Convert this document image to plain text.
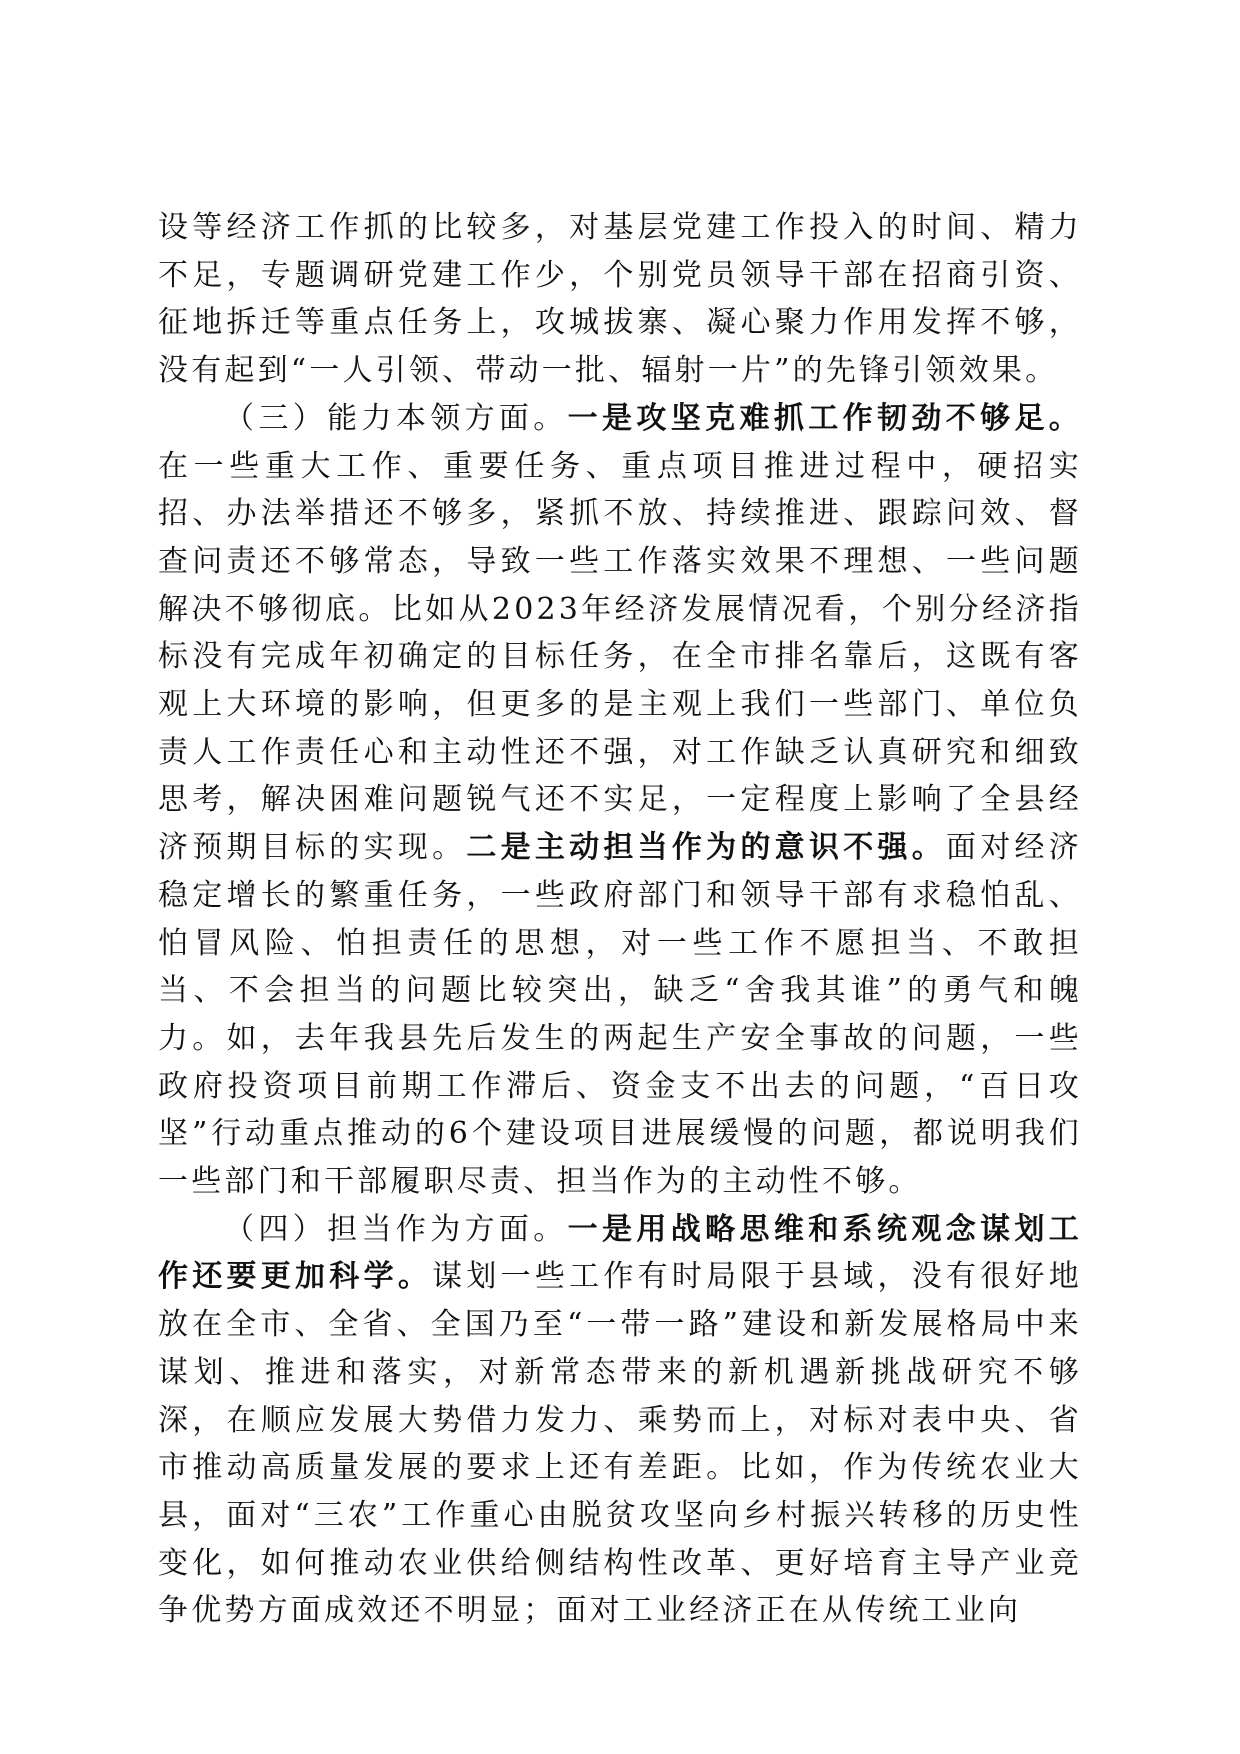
设等经济工作抓的比较多，对基层党建工作投入的时间、精力不足，专题调研党建工作少，个别党员领导干部在招商引资、征地拆迁等重点任务上，攻城拔寨、凝心聚力作用发挥不够，没有起到“一人引领、带动一批、辐射一片”的先锋引领效果。

（三）能力本领方面。一是攻坚克难抓工作韧劲不够足。在一些重大工作、重要任务、重点项目推进过程中，硬招实招、办法举措还不够多，紧抓不放、持续推进、跟踪问效、督查问责还不够常态，导致一些工作落实效果不理想、一些问题解决不够彻底。比如从2023年经济发展情况看，个别分经济指标没有完成年初确定的目标任务，在全市排名靠后，这既有客观上大环境的影响，但更多的是主观上我们一些部门、单位负责人工作责任心和主动性还不强，对工作缺乏认真研究和细致思考，解决困难问题锐气还不实足，一定程度上影响了全县经济预期目标的实现。二是主动担当作为的意识不强。面对经济稳定增长的繁重任务，一些政府部门和领导干部有求稳怕乱、怕冒风险、怕担责任的思想，对一些工作不愿担当、不敢担当、不会担当的问题比较突出，缺乏“舍我其谁”的勇气和魄力。如，去年我县先后发生的两起生产安全事故的问题，一些政府投资项目前期工作滞后、资金支不出去的问题，“百日攻坚”行动重点推动的6个建设项目进展缓慢的问题，都说明我们一些部门和干部履职尽责、担当作为的主动性不够。

（四）担当作为方面。一是用战略思维和系统观念谋划工作还要更加科学。谋划一些工作有时局限于县域，没有很好地放在全市、全省、全国乃至“一带一路”建设和新发展格局中来谋划、推进和落实，对新常态带来的新机遇新挑战研究不够深，在顺应发展大势借力发力、乘势而上，对标对表中央、省市推动高质量发展的要求上还有差距。比如，作为传统农业大县，面对“三农”工作重心由脱贫攻坚向乡村振兴转移的历史性变化，如何推动农业供给侧结构性改革、更好培育主导产业竞争优势方面成效还不明显；面对工业经济正在从传统工业向
